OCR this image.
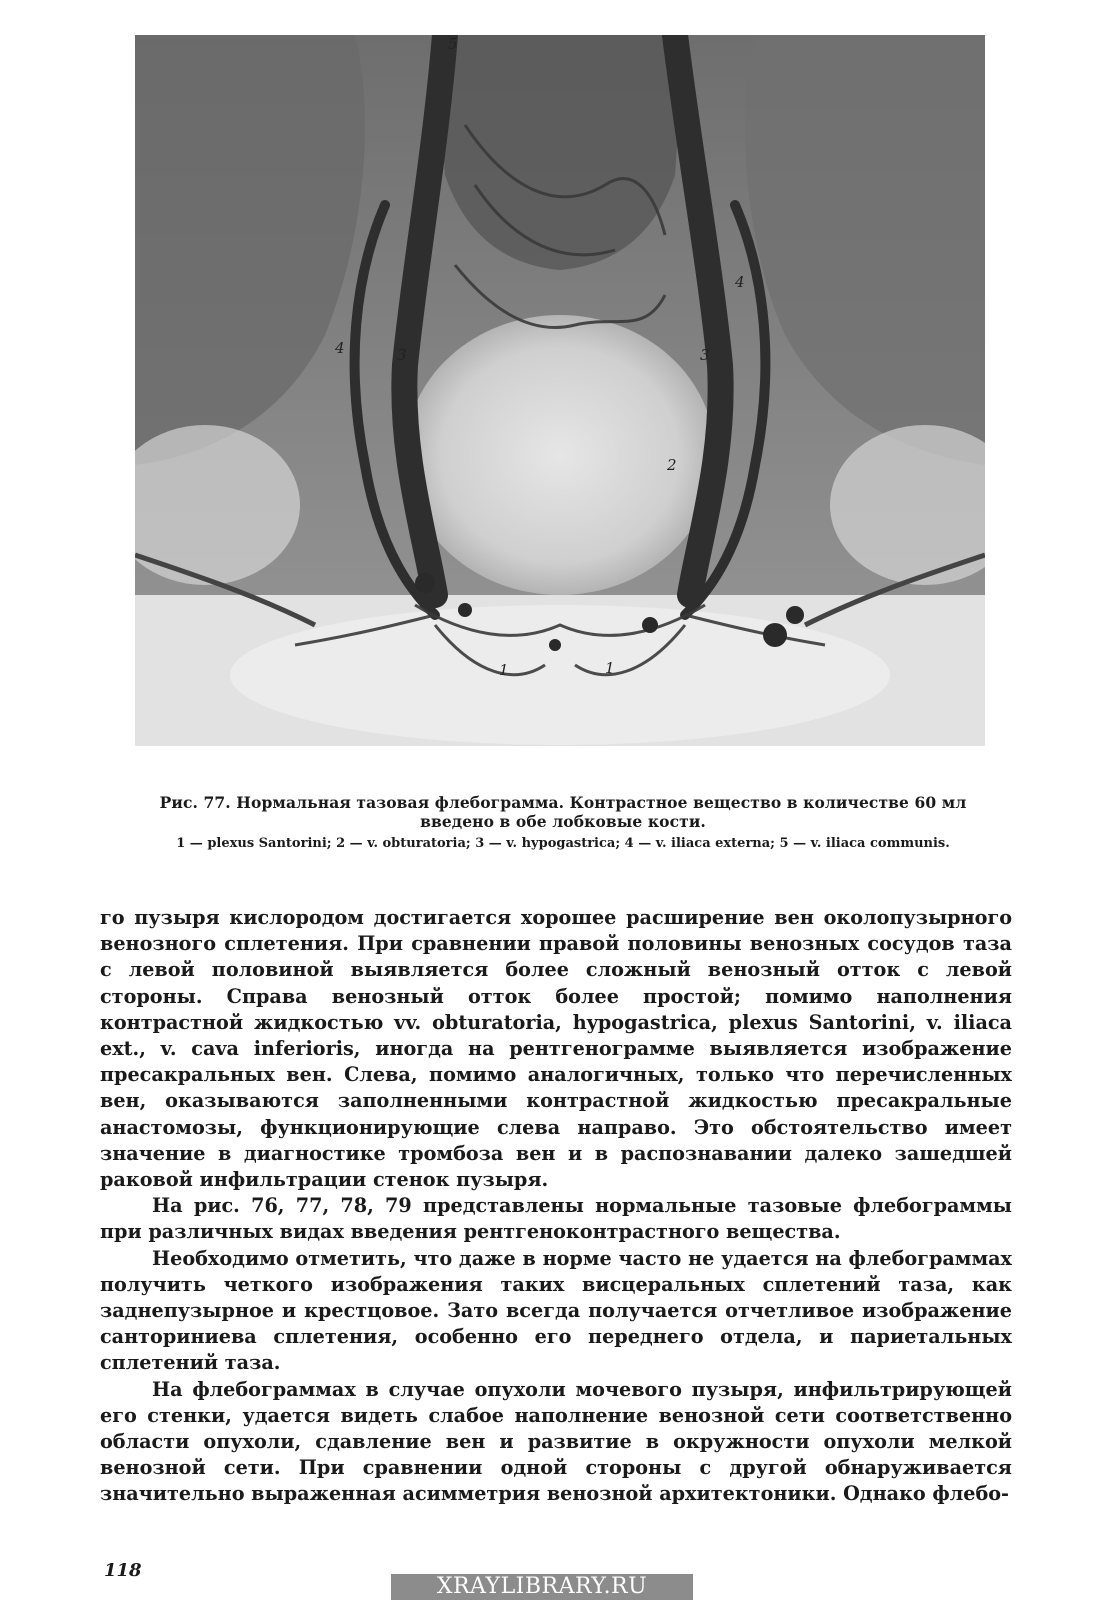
5
4
4
3	3
2
1	1

Рис. 77. Нормальная тазовая флебограмма. Контрастное вещество в количестве 60 мл введено в обе лобковые кости.

1 — plexus Santorini; 2 — v. obturatoria; 3 — v. hypogastrica; 4 — v. iliaca externa; 5 — v. iliaca communis.

го пузыря кислородом достигается хорошее расширение вен околопузырного венозного сплетения. При сравнении правой половины венозных сосудов таза с левой половиной выявляется более сложный венозный отток с левой стороны. Справа венозный отток более простой; помимо наполнения контрастной жидкостью vv. obturatoria, hypogastrica, plexus Santorini, v. iliaca ext., v. cava inferioris, иногда на рентгенограмме выявляется изображение пресакральных вен. Слева, помимо аналогичных, только что перечисленных вен, оказываются заполненными контрастной жидкостью пресакральные анастомозы, функционирующие слева направо. Это обстоятельство имеет значение в диагностике тромбоза вен и в распознавании далеко зашедшей раковой инфильтрации стенок пузыря.

На рис. 76, 77, 78, 79 представлены нормальные тазовые флебограммы при различных видах введения рентгеноконтрастного вещества.

Необходимо отметить, что даже в норме часто не удается на флебограммах получить четкого изображения таких висцеральных сплетений таза, как заднепузырное и крестцовое. Зато всегда получается отчетливое изображение санториниева сплетения, особенно его переднего отдела, и париетальных сплетений таза.

На флебограммах в случае опухоли мочевого пузыря, инфильтрирующей его стенки, удается видеть слабое наполнение венозной сети соответственно области опухоли, сдавление вен и развитие в окружности опухоли мелкой венозной сети. При сравнении одной стороны с другой обнаруживается значительно выраженная асимметрия венозной архитектоники. Однако флебо-

118

XRAYLIBRARY.RU
